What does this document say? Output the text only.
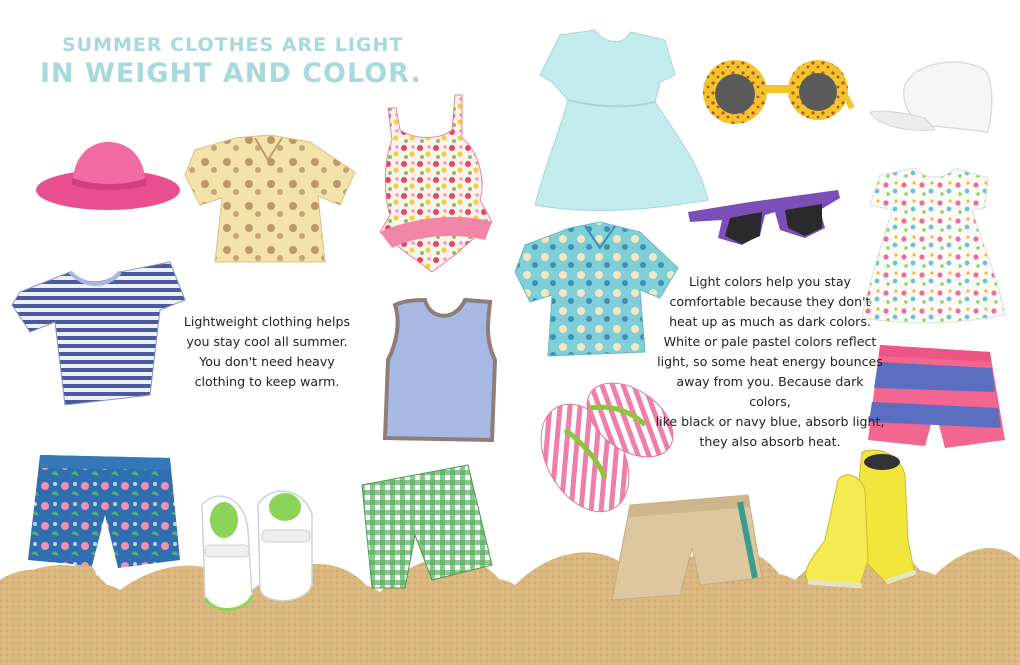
SUMMER CLOTHES ARE LIGHT
IN WEIGHT AND COLOR.
Lightweight clothing helps
you stay cool all summer.
You don't need heavy
clothing to keep warm.
Light colors help you stay
comfortable because they don't
heat up as much as dark colors.
White or pale pastel colors reflect
light, so some heat energy bounces
away from you. Because dark colors,
like black or navy blue, absorb light,
they also absorb heat.
